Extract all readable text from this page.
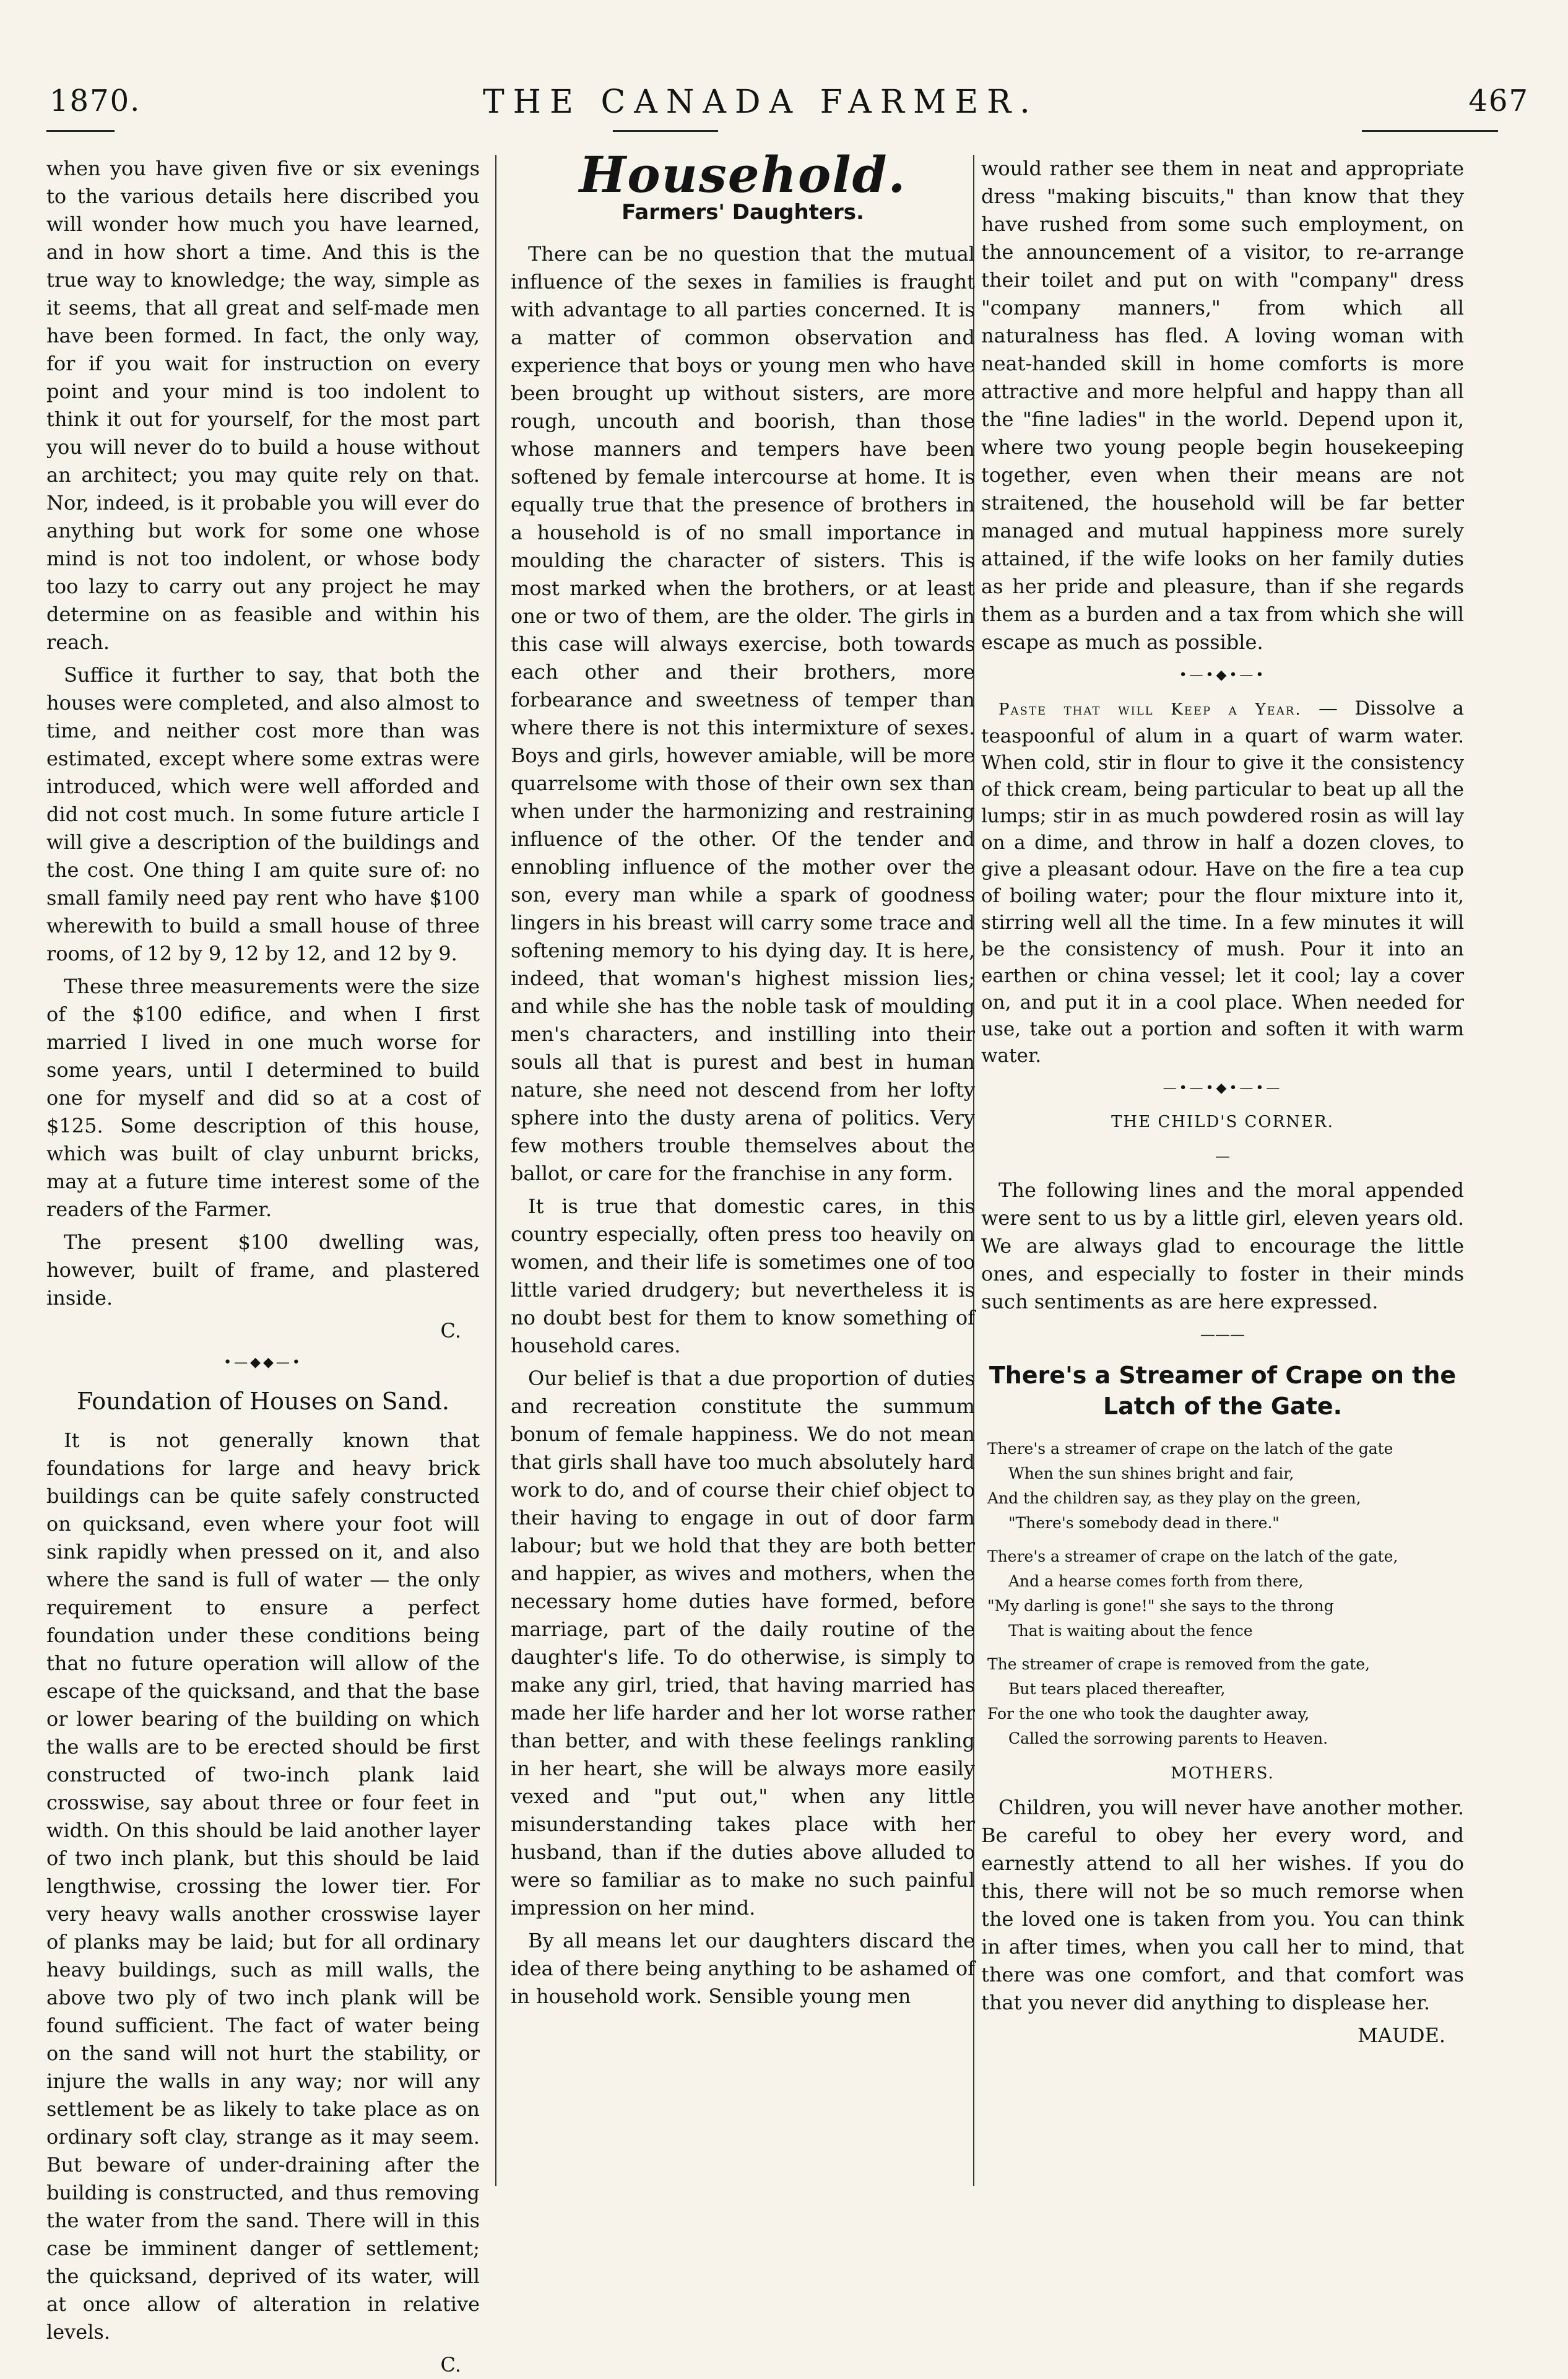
1870.	THE CANADA FARMER.	467

when you have given five or six evenings to the various details here discribed you will wonder how much you have learned, and in how short a time. And this is the true way to knowledge; the way, simple as it seems, that all great and self-made men have been formed. In fact, the only way, for if you wait for instruction on every point and your mind is too indolent to think it out for yourself, for the most part you will never do to build a house without an architect; you may quite rely on that. Nor, indeed, is it probable you will ever do anything but work for some one whose mind is not too indolent, or whose body too lazy to carry out any project he may determine on as feasible and within his reach.

Suffice it further to say, that both the houses were completed, and also almost to time, and neither cost more than was estimated, except where some extras were introduced, which were well afforded and did not cost much. In some future article I will give a description of the buildings and the cost. One thing I am quite sure of: no small family need pay rent who have $100 wherewith to build a small house of three rooms, of 12 by 9, 12 by 12, and 12 by 9.

These three measurements were the size of the $100 edifice, and when I first married I lived in one much worse for some years, until I determined to build one for myself and did so at a cost of $125. Some description of this house, which was built of clay unburnt bricks, may at a future time interest some of the readers of the Farmer.

The present $100 dwelling was, however, built of frame, and plastered inside.

C.
•—◆◆—•
Foundation of Houses on Sand.

It is not generally known that foundations for large and heavy brick buildings can be quite safely constructed on quicksand, even where your foot will sink rapidly when pressed on it, and also where the sand is full of water — the only requirement to ensure a perfect foundation under these conditions being that no future operation will allow of the escape of the quicksand, and that the base or lower bearing of the building on which the walls are to be erected should be first constructed of two-inch plank laid crosswise, say about three or four feet in width. On this should be laid another layer of two inch plank, but this should be laid lengthwise, crossing the lower tier. For very heavy walls another crosswise layer of planks may be laid; but for all ordinary heavy buildings, such as mill walls, the above two ply of two inch plank will be found sufficient. The fact of water being on the sand will not hurt the stability, or injure the walls in any way; nor will any settlement be as likely to take place as on ordinary soft clay, strange as it may seem. But beware of under-draining after the building is constructed, and thus removing the water from the sand. There will in this case be imminent danger of settlement; the quicksand, deprived of its water, will at once allow of alteration in relative levels.

C.
Household.
Farmers' Daughters.

There can be no question that the mutual influence of the sexes in families is fraught with advantage to all parties concerned. It is a matter of common observation and experience that boys or young men who have been brought up without sisters, are more rough, uncouth and boorish, than those whose manners and tempers have been softened by female intercourse at home. It is equally true that the presence of brothers in a household is of no small importance in moulding the character of sisters. This is most marked when the brothers, or at least one or two of them, are the older. The girls in this case will always exercise, both towards each other and their brothers, more forbearance and sweetness of temper than where there is not this intermixture of sexes. Boys and girls, however amiable, will be more quarrelsome with those of their own sex than when under the harmonizing and restraining influence of the other. Of the tender and ennobling influence of the mother over the son, every man while a spark of goodness lingers in his breast will carry some trace and softening memory to his dying day. It is here, indeed, that woman's highest mission lies; and while she has the noble task of moulding men's characters, and instilling into their souls all that is purest and best in human nature, she need not descend from her lofty sphere into the dusty arena of politics. Very few mothers trouble themselves about the ballot, or care for the franchise in any form.

It is true that domestic cares, in this country especially, often press too heavily on women, and their life is sometimes one of too little varied drudgery; but nevertheless it is no doubt best for them to know something of household cares.

Our belief is that a due proportion of duties and recreation constitute the summum bonum of female happiness. We do not mean that girls shall have too much absolutely hard work to do, and of course their chief object to their having to engage in out of door farm labour; but we hold that they are both better and happier, as wives and mothers, when the necessary home duties have formed, before marriage, part of the daily routine of the daughter's life. To do otherwise, is simply to make any girl, tried, that having married has made her life harder and her lot worse rather than better, and with these feelings rankling in her heart, she will be always more easily vexed and "put out," when any little misunderstanding takes place with her husband, than if the duties above alluded to were so familiar as to make no such painful impression on her mind.

By all means let our daughters discard the idea of there being anything to be ashamed of in household work. Sensible young men

would rather see them in neat and appropriate dress "making biscuits," than know that they have rushed from some such employment, on the announcement of a visitor, to re-arrange their toilet and put on with "company" dress "company manners," from which all naturalness has fled. A loving woman with neat-handed skill in home comforts is more attractive and more helpful and happy than all the "fine ladies" in the world. Depend upon it, where two young people begin housekeeping together, even when their means are not straitened, the household will be far better managed and mutual happiness more surely attained, if the wife looks on her family duties as her pride and pleasure, than if she regards them as a burden and a tax from which she will escape as much as possible.

•—•◆•—•

Paste that will Keep a Year. — Dissolve a teaspoonful of alum in a quart of warm water. When cold, stir in flour to give it the consistency of thick cream, being particular to beat up all the lumps; stir in as much powdered rosin as will lay on a dime, and throw in half a dozen cloves, to give a pleasant odour. Have on the fire a tea cup of boiling water; pour the flour mixture into it, stirring well all the time. In a few minutes it will be the consistency of mush. Pour it into an earthen or china vessel; let it cool; lay a cover on, and put it in a cool place. When needed for use, take out a portion and soften it with warm water.

—•—•◆•—•—
THE CHILD'S CORNER.
—

The following lines and the moral appended were sent to us by a little girl, eleven years old. We are always glad to encourage the little ones, and especially to foster in their minds such sentiments as are here expressed.

———
There's a Streamer of Crape on the Latch of the Gate.
There's a streamer of crape on the latch of the gate
When the sun shines bright and fair,
And the children say, as they play on the green,
"There's somebody dead in there."
There's a streamer of crape on the latch of the gate,
And a hearse comes forth from there,
"My darling is gone!" she says to the throng
That is waiting about the fence
The streamer of crape is removed from the gate,
But tears placed thereafter,
For the one who took the daughter away,
Called the sorrowing parents to Heaven.
MOTHERS.

Children, you will never have another mother. Be careful to obey her every word, and earnestly attend to all her wishes. If you do this, there will not be so much remorse when the loved one is taken from you. You can think in after times, when you call her to mind, that there was one comfort, and that comfort was that you never did anything to displease her.

MAUDE.
